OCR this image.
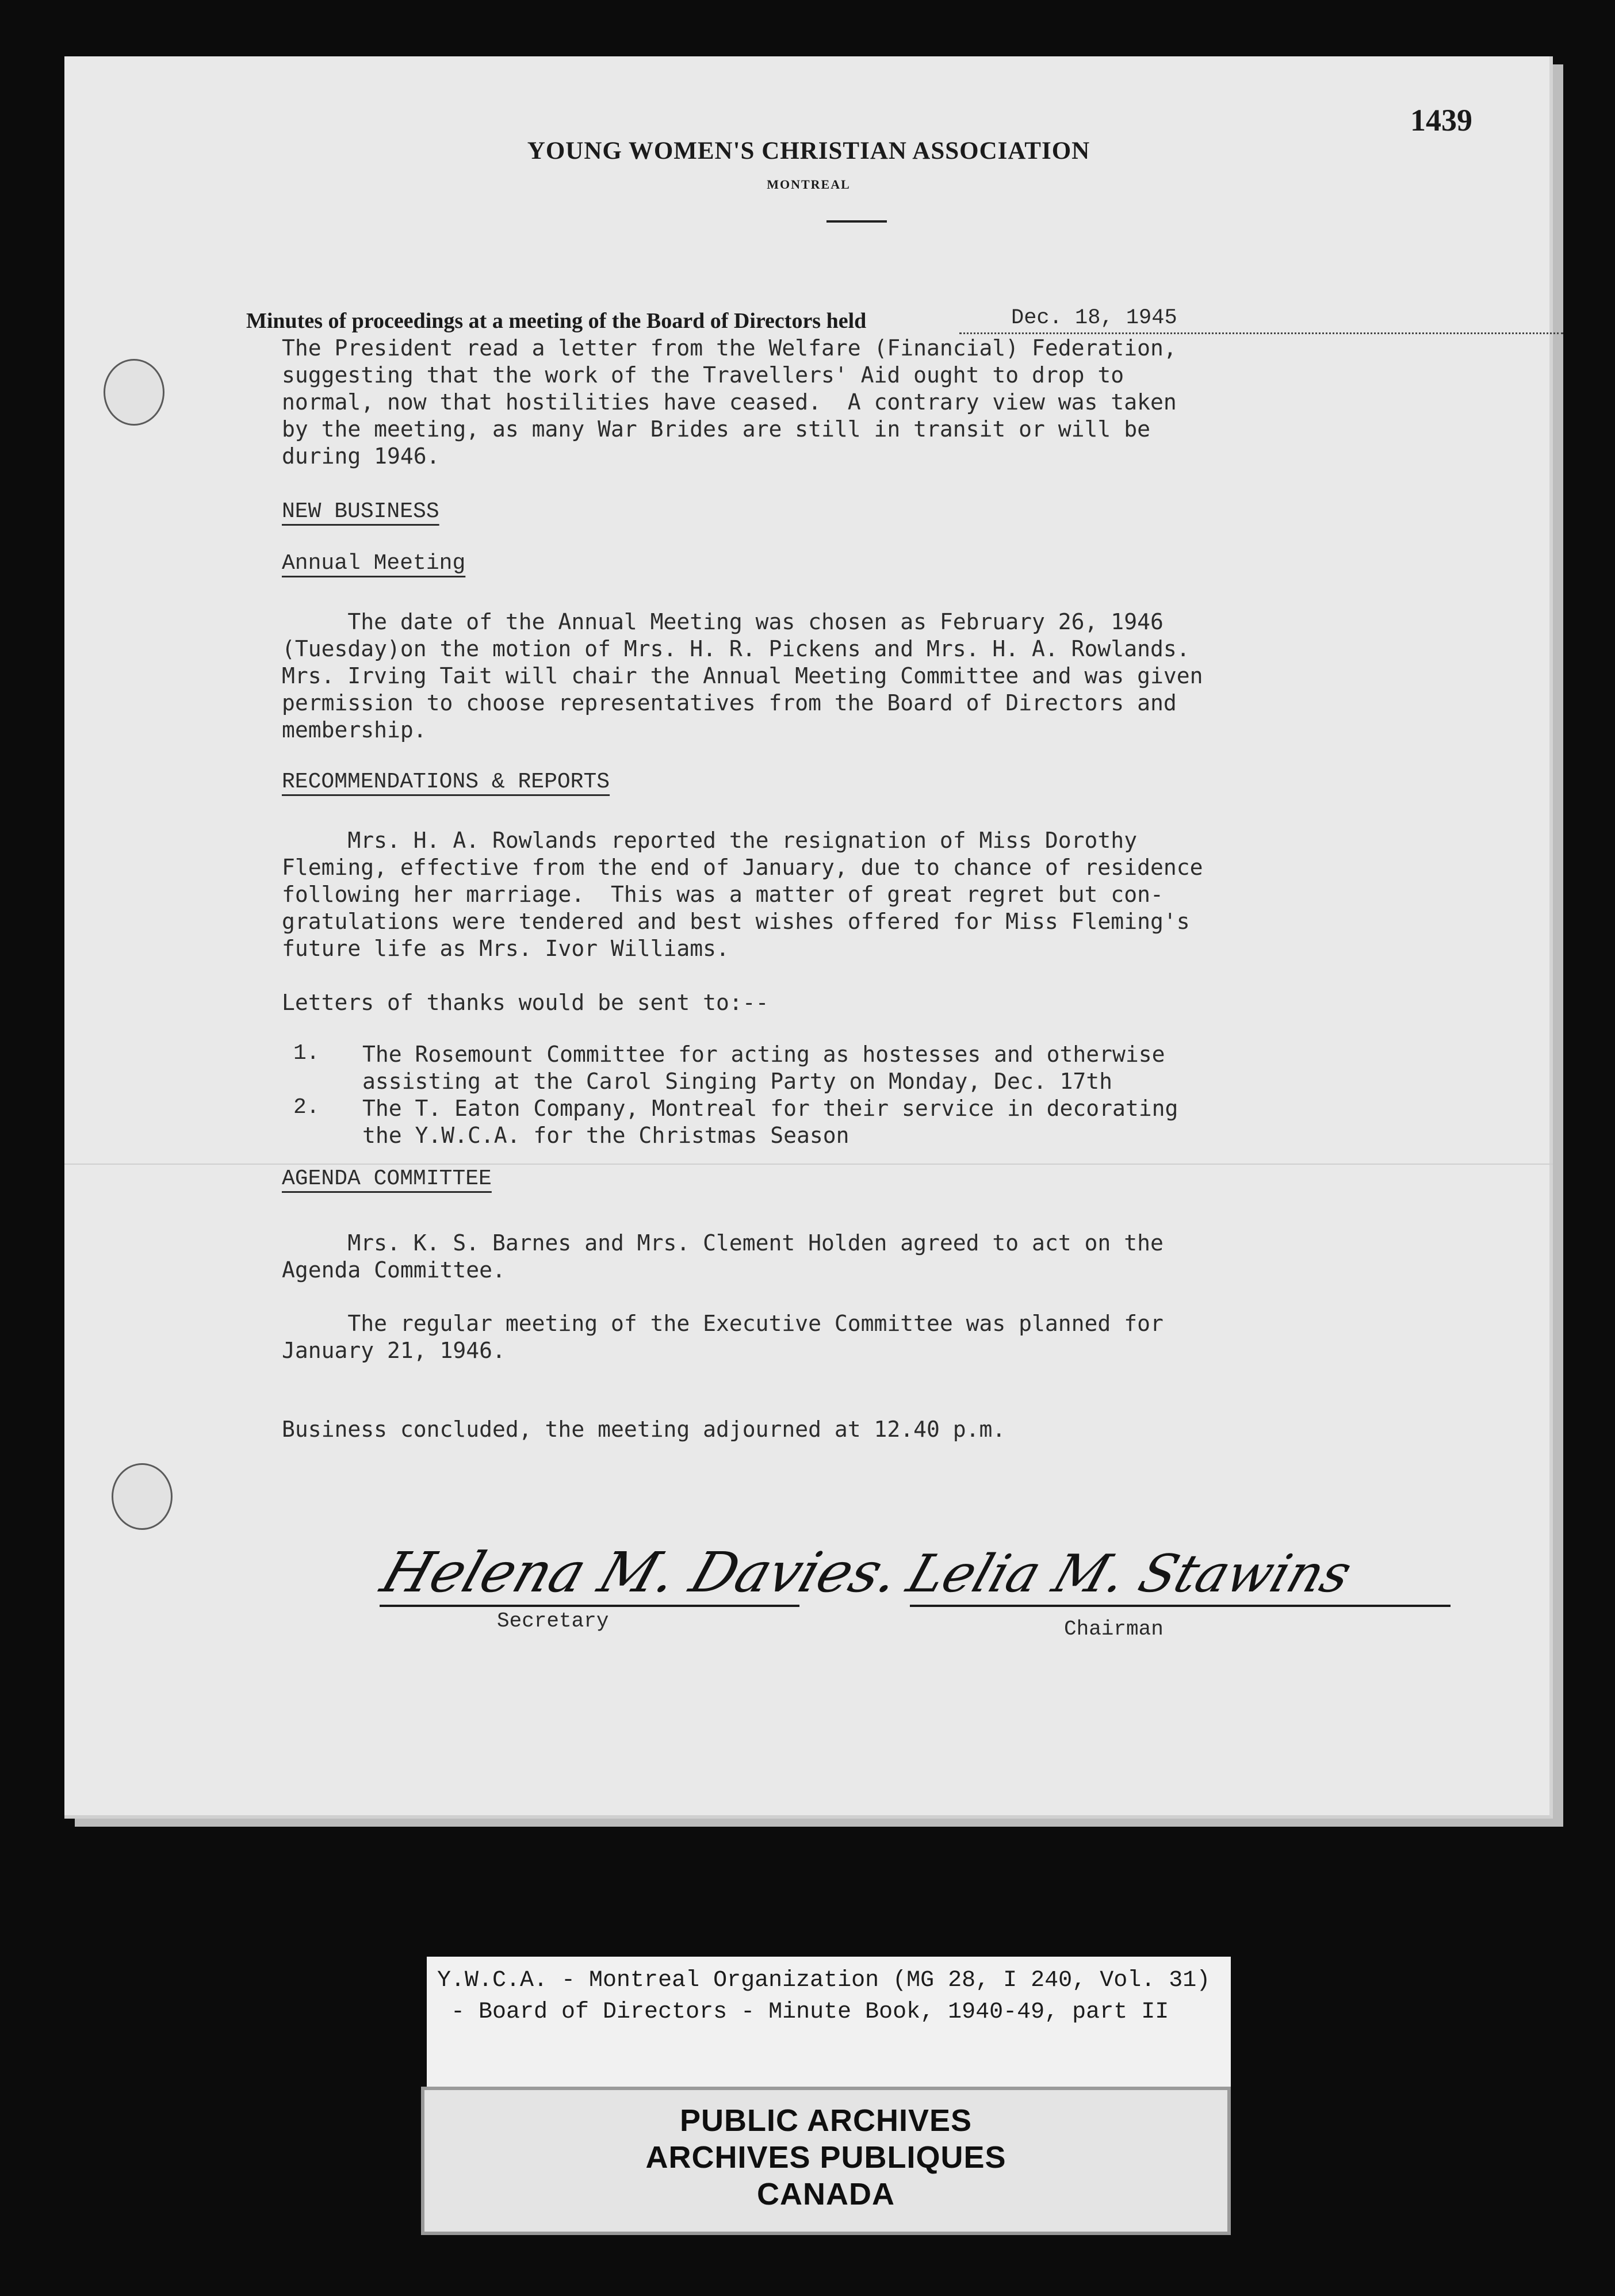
1439
YOUNG WOMEN'S CHRISTIAN ASSOCIATION
MONTREAL
Minutes of proceedings at a meeting of the Board of Directors held	Dec. 18, 1945
The President read a letter from the Welfare (Financial) Federation,
suggesting that the work of the Travellers' Aid ought to drop to
normal, now that hostilities have ceased.  A contrary view was taken
by the meeting, as many War Brides are still in transit or will be
during 1946.
NEW BUSINESS
Annual Meeting
The date of the Annual Meeting was chosen as February 26, 1946
(Tuesday)on the motion of Mrs. H. R. Pickens and Mrs. H. A. Rowlands.
Mrs. Irving Tait will chair the Annual Meeting Committee and was given
permission to choose representatives from the Board of Directors and
membership.
RECOMMENDATIONS & REPORTS
Mrs. H. A. Rowlands reported the resignation of Miss Dorothy
Fleming, effective from the end of January, due to chance of residence
following her marriage.  This was a matter of great regret but con-
gratulations were tendered and best wishes offered for Miss Fleming's
future life as Mrs. Ivor Williams.
Letters of thanks would be sent to:--
1. The Rosemount Committee for acting as hostesses and otherwise
assisting at the Carol Singing Party on Monday, Dec. 17th
2. The T. Eaton Company, Montreal for their service in decorating
the Y.W.C.A. for the Christmas Season
AGENDA COMMITTEE
Mrs. K. S. Barnes and Mrs. Clement Holden agreed to act on the
Agenda Committee.
The regular meeting of the Executive Committee was planned for
January 21, 1946.
Business concluded, the meeting adjourned at 12.40 p.m.
Helena M. Davies.
Secretary
Lelia M. Stawins
Chairman
Y.W.C.A. - Montreal Organization (MG 28, I 240, Vol. 31)
- Board of Directors - Minute Book, 1940-49, part II
PUBLIC ARCHIVES
ARCHIVES PUBLIQUES
CANADA
